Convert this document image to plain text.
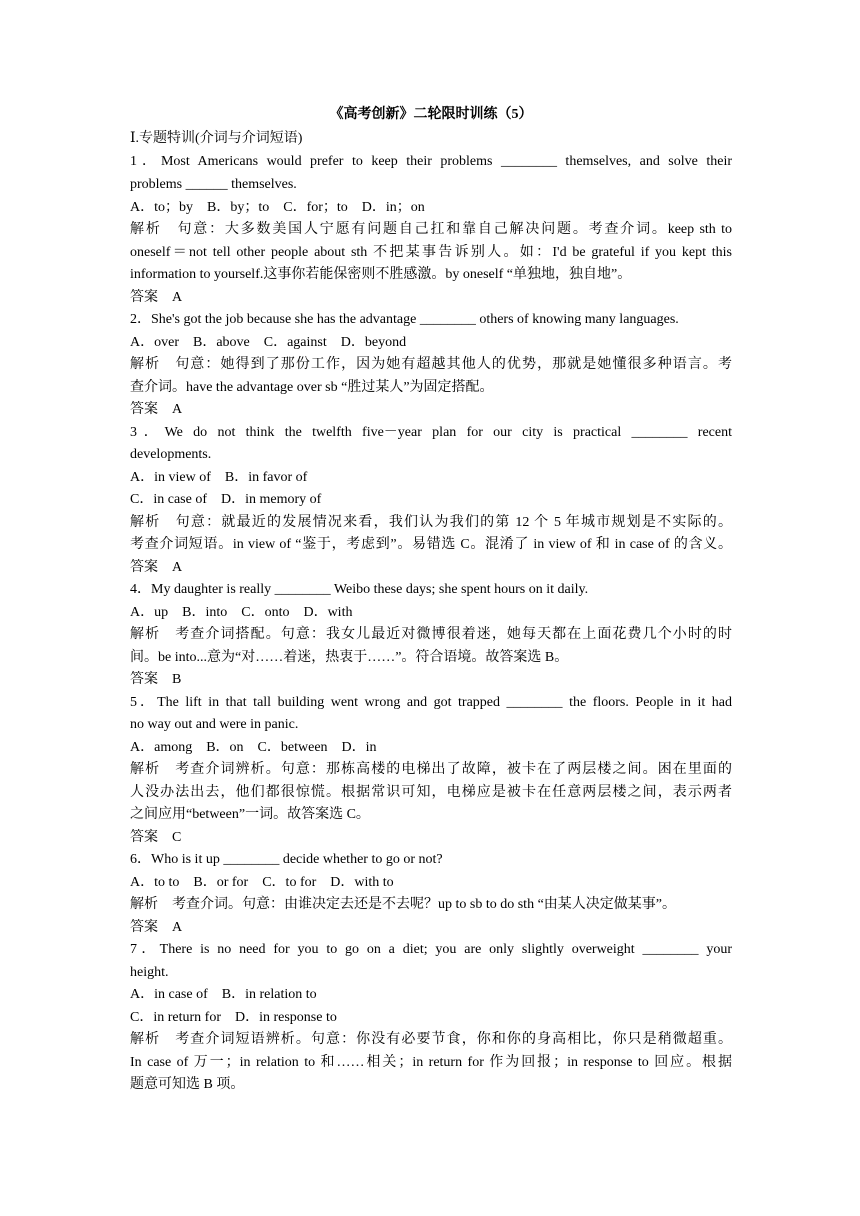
《高考创新》二轮限时训练（5）
Ⅰ.专题特训(介词与介词短语)
1．Most Americans would prefer to keep their problems ________ themselves, and solve their
problems ______ themselves.
A．to；by　B．by；to　C．for；to　D．in；on
解析　句意：大多数美国人宁愿有问题自己扛和靠自己解决问题。考查介词。keep sth to
oneself＝not tell other people about sth 不把某事告诉别人。如：I'd be grateful if you kept this
information to yourself.这事你若能保密则不胜感激。by oneself “单独地，独自地”。
答案　A
2．She's got the job because she has the advantage ________ others of knowing many languages.
A．over　B．above　C．against　D．beyond
解析　句意：她得到了那份工作，因为她有超越其他人的优势，那就是她懂很多种语言。考
查介词。have the advantage over sb “胜过某人”为固定搭配。
答案　A
3．We do not think the twelfth five－year plan for our city is practical ________ recent
developments.
A．in view of　B．in favor of
C．in case of　D．in memory of
解析　句意：就最近的发展情况来看，我们认为我们的第 12 个 5 年城市规划是不实际的。
考查介词短语。in view of “鉴于，考虑到”。易错选 C。混淆了 in view of 和 in case of 的含义。
答案　A
4．My daughter is really ________ Weibo these days; she spent hours on it daily.
A．up　B．into　C．onto　D．with
解析　考查介词搭配。句意：我女儿最近对微博很着迷，她每天都在上面花费几个小时的时
间。be into...意为“对……着迷，热衷于……”。符合语境。故答案选 B。
答案　B
5．The lift in that tall building went wrong and got trapped ________ the floors. People in it had
no way out and were in panic.
A．among　B．on　C．between　D．in
解析　考查介词辨析。句意：那栋高楼的电梯出了故障，被卡在了两层楼之间。困在里面的
人没办法出去，他们都很惊慌。根据常识可知，电梯应是被卡在任意两层楼之间，表示两者
之间应用“between”一词。故答案选 C。
答案　C
6．Who is it up ________ decide whether to go or not?
A．to to　B．or for　C．to for　D．with to
解析　考查介词。句意：由谁决定去还是不去呢？up to sb to do sth “由某人决定做某事”。
答案　A
7．There is no need for you to go on a diet; you are only slightly overweight ________ your
height.
A．in case of　B．in relation to
C．in return for　D．in response to
解析　考查介词短语辨析。句意：你没有必要节食，你和你的身高相比，你只是稍微超重。
In case of 万一；in relation to 和……相关；in return for 作为回报；in response to 回应。根据
题意可知选 B 项。
